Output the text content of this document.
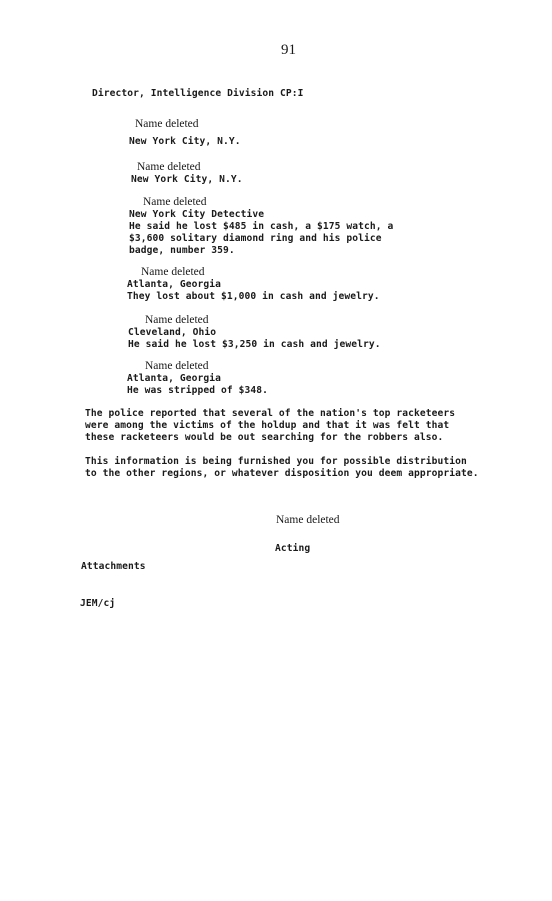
91
Director, Intelligence Division CP:I
Name deleted
New York City, N.Y.
Name deleted
New York City, N.Y.
Name deleted
New York City Detective
He said he lost $485 in cash, a $175 watch, a
$3,600 solitary diamond ring and his police
badge, number 359.
Name deleted
Atlanta, Georgia
They lost about $1,000 in cash and jewelry.
Name deleted
Cleveland, Ohio
He said he lost $3,250 in cash and jewelry.
Name deleted
Atlanta, Georgia
He was stripped of $348.
The police reported that several of the nation's top racketeers
were among the victims of the holdup and that it was felt that
these racketeers would be out searching for the robbers also.
This information is being furnished you for possible distribution
to the other regions, or whatever disposition you deem appropriate.
Name deleted
Acting
Attachments
JEM/cj
